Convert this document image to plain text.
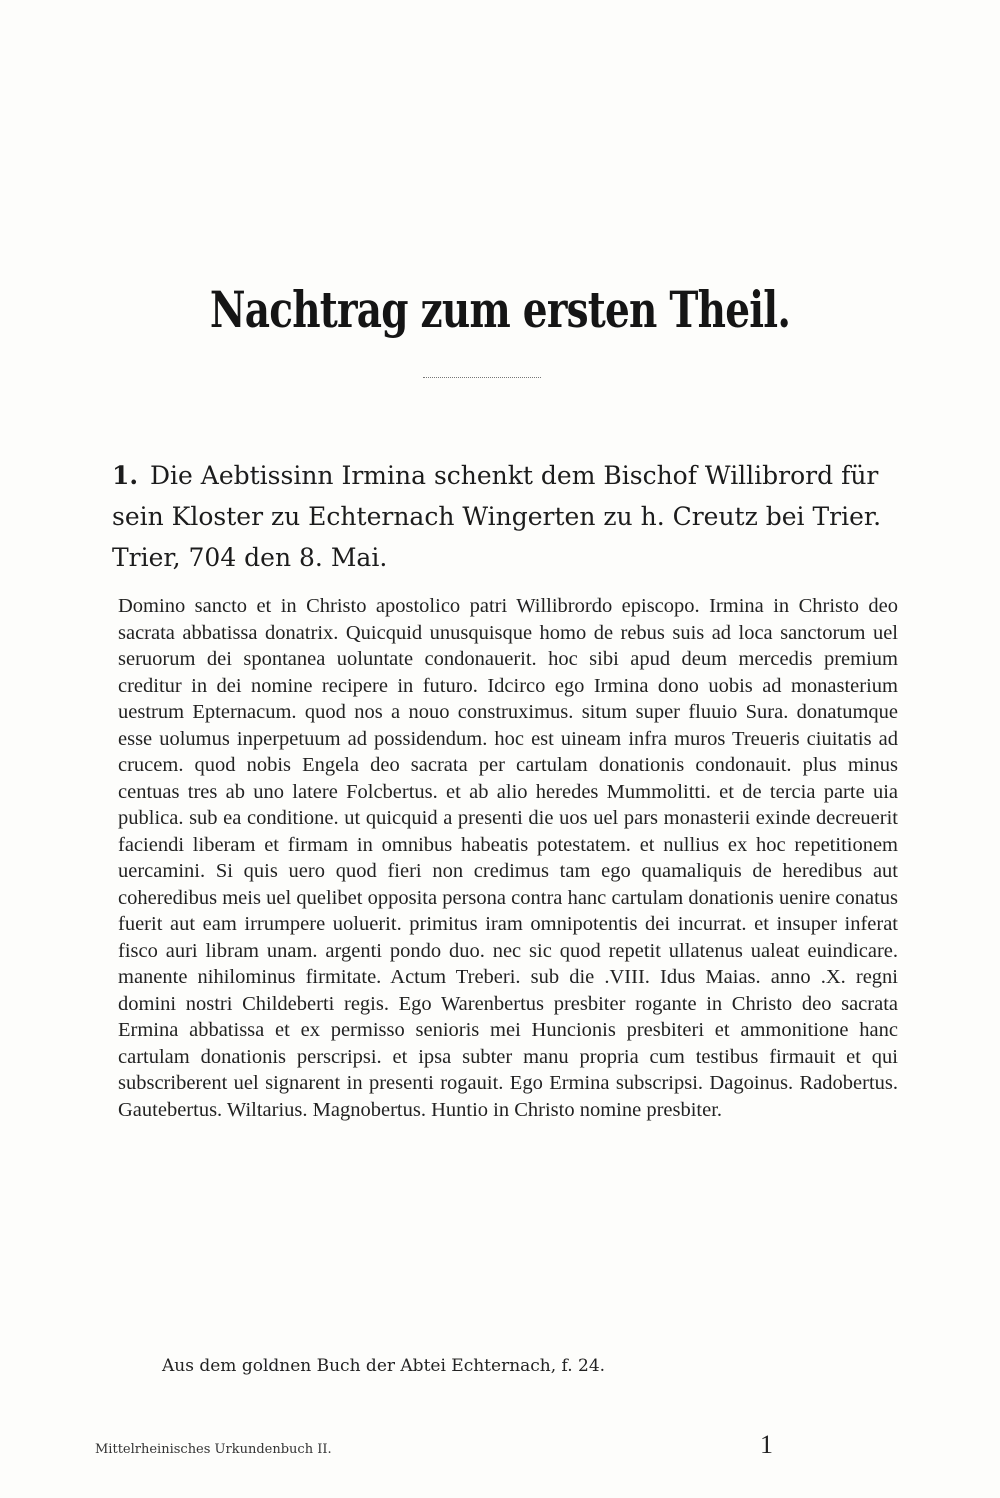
Nachtrag zum ersten Theil.
1. Die Aebtissinn Irmina schenkt dem Bischof Willibrord für sein Kloster zu Echternach Wingerten zu h. Creutz bei Trier. Trier, 704 den 8. Mai.
Domino sancto et in Christo apostolico patri Willibrordo episcopo. Irmina in Christo deo sacrata abbatissa donatrix. Quicquid unusquisque homo de rebus suis ad loca sanctorum uel seruorum dei spontanea uoluntate condonauerit. hoc sibi apud deum mercedis premium creditur in dei nomine recipere in futuro. Idcirco ego Irmina dono uobis ad monasterium uestrum Epternacum. quod nos a nouo construximus. situm super fluuio Sura. donatumque esse uolumus inperpetuum ad possidendum. hoc est uineam infra muros Treueris ciuitatis ad crucem. quod nobis Engela deo sacrata per cartulam donationis condonauit. plus minus centuas tres ab uno latere Folcbertus. et ab alio heredes Mummolitti. et de tercia parte uia publica. sub ea conditione. ut quicquid a presenti die uos uel pars monasterii exinde decreuerit faciendi liberam et firmam in omnibus habeatis potestatem. et nullius ex hoc repetitionem uercamini. Si quis uero quod fieri non credimus tam ego quamaliquis de heredibus aut coheredibus meis uel quelibet opposita persona contra hanc cartulam donationis uenire conatus fuerit aut eam irrumpere uoluerit. primitus iram omnipotentis dei incurrat. et insuper inferat fisco auri libram unam. argenti pondo duo. nec sic quod repetit ullatenus ualeat euindicare. manente nihilominus firmitate. Actum Treberi. sub die .VIII. Idus Maias. anno .X. regni domini nostri Childeberti regis. Ego Warenbertus presbiter rogante in Christo deo sacrata Ermina abbatissa et ex permisso senioris mei Huncionis presbiteri et ammonitione hanc cartulam donationis perscripsi. et ipsa subter manu propria cum testibus firmauit et qui subscriberent uel signarent in presenti rogauit. Ego Ermina subscripsi. Dagoinus. Radobertus. Gautebertus. Wiltarius. Magnobertus. Huntio in Christo nomine presbiter.
Aus dem goldnen Buch der Abtei Echternach, f. 24.
Mittelrheinisches Urkundenbuch II.	1
